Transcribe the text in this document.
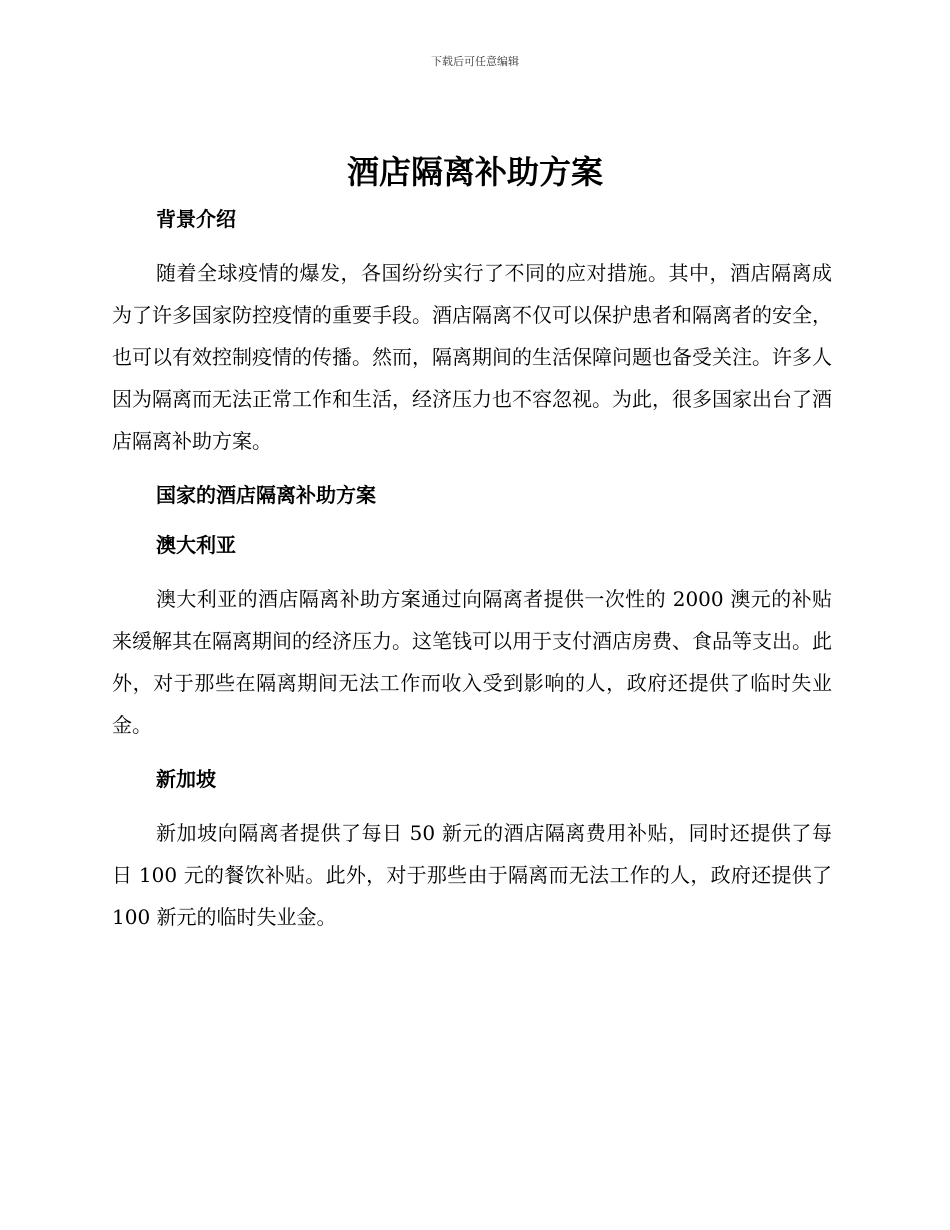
下载后可任意编辑
酒店隔离补助方案
背景介绍

随着全球疫情的爆发，各国纷纷实行了不同的应对措施。其中，酒店隔离成为了许多国家防控疫情的重要手段。酒店隔离不仅可以保护患者和隔离者的安全，也可以有效控制疫情的传播。然而，隔离期间的生活保障问题也备受关注。许多人因为隔离而无法正常工作和生活，经济压力也不容忽视。为此，很多国家出台了酒店隔离补助方案。

国家的酒店隔离补助方案
澳大利亚

澳大利亚的酒店隔离补助方案通过向隔离者提供一次性的 2000 澳元的补贴来缓解其在隔离期间的经济压力。这笔钱可以用于支付酒店房费、食品等支出。此外，对于那些在隔离期间无法工作而收入受到影响的人，政府还提供了临时失业金。

新加坡

新加坡向隔离者提供了每日 50 新元的酒店隔离费用补贴，同时还提供了每日 100 元的餐饮补贴。此外，对于那些由于隔离而无法工作的人，政府还提供了 100 新元的临时失业金。
